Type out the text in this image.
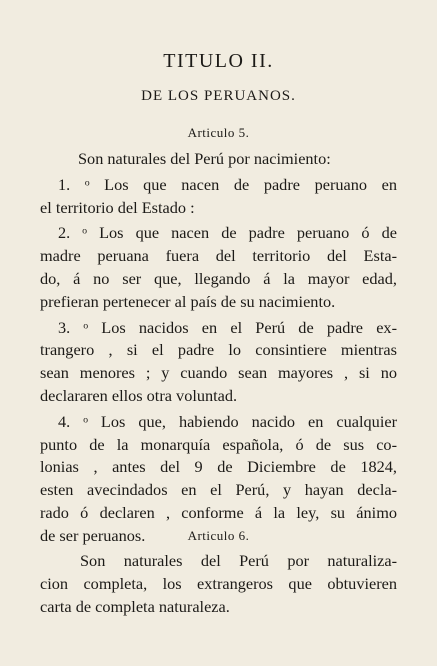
TITULO II.
DE LOS PERUANOS.
Articulo 5.
Son naturales del Perú por nacimiento:
1. ᵒ Los que nacen de padre peruano en
el territorio del Estado :
2. ᵒ Los que nacen de padre peruano ó de
madre peruana fuera del territorio del Esta-
do, á no ser que, llegando á la mayor edad,
prefieran pertenecer al país de su nacimiento.
3. ᵒ Los nacidos en el Perú de padre ex-
trangero , si el padre lo consintiere mientras
sean menores ; y cuando sean mayores , si no
declararen ellos otra voluntad.
4. ᵒ Los que, habiendo nacido en cualquier
punto de la monarquía española, ó de sus co-
lonias , antes del 9 de Diciembre de 1824,
esten avecindados en el Perú, y hayan decla-
rado ó declaren , conforme á la ley, su ánimo
de ser peruanos.	Articulo 6.
Son naturales del Perú por naturaliza-
cion completa, los extrangeros que obtuvieren
carta de completa naturaleza.
